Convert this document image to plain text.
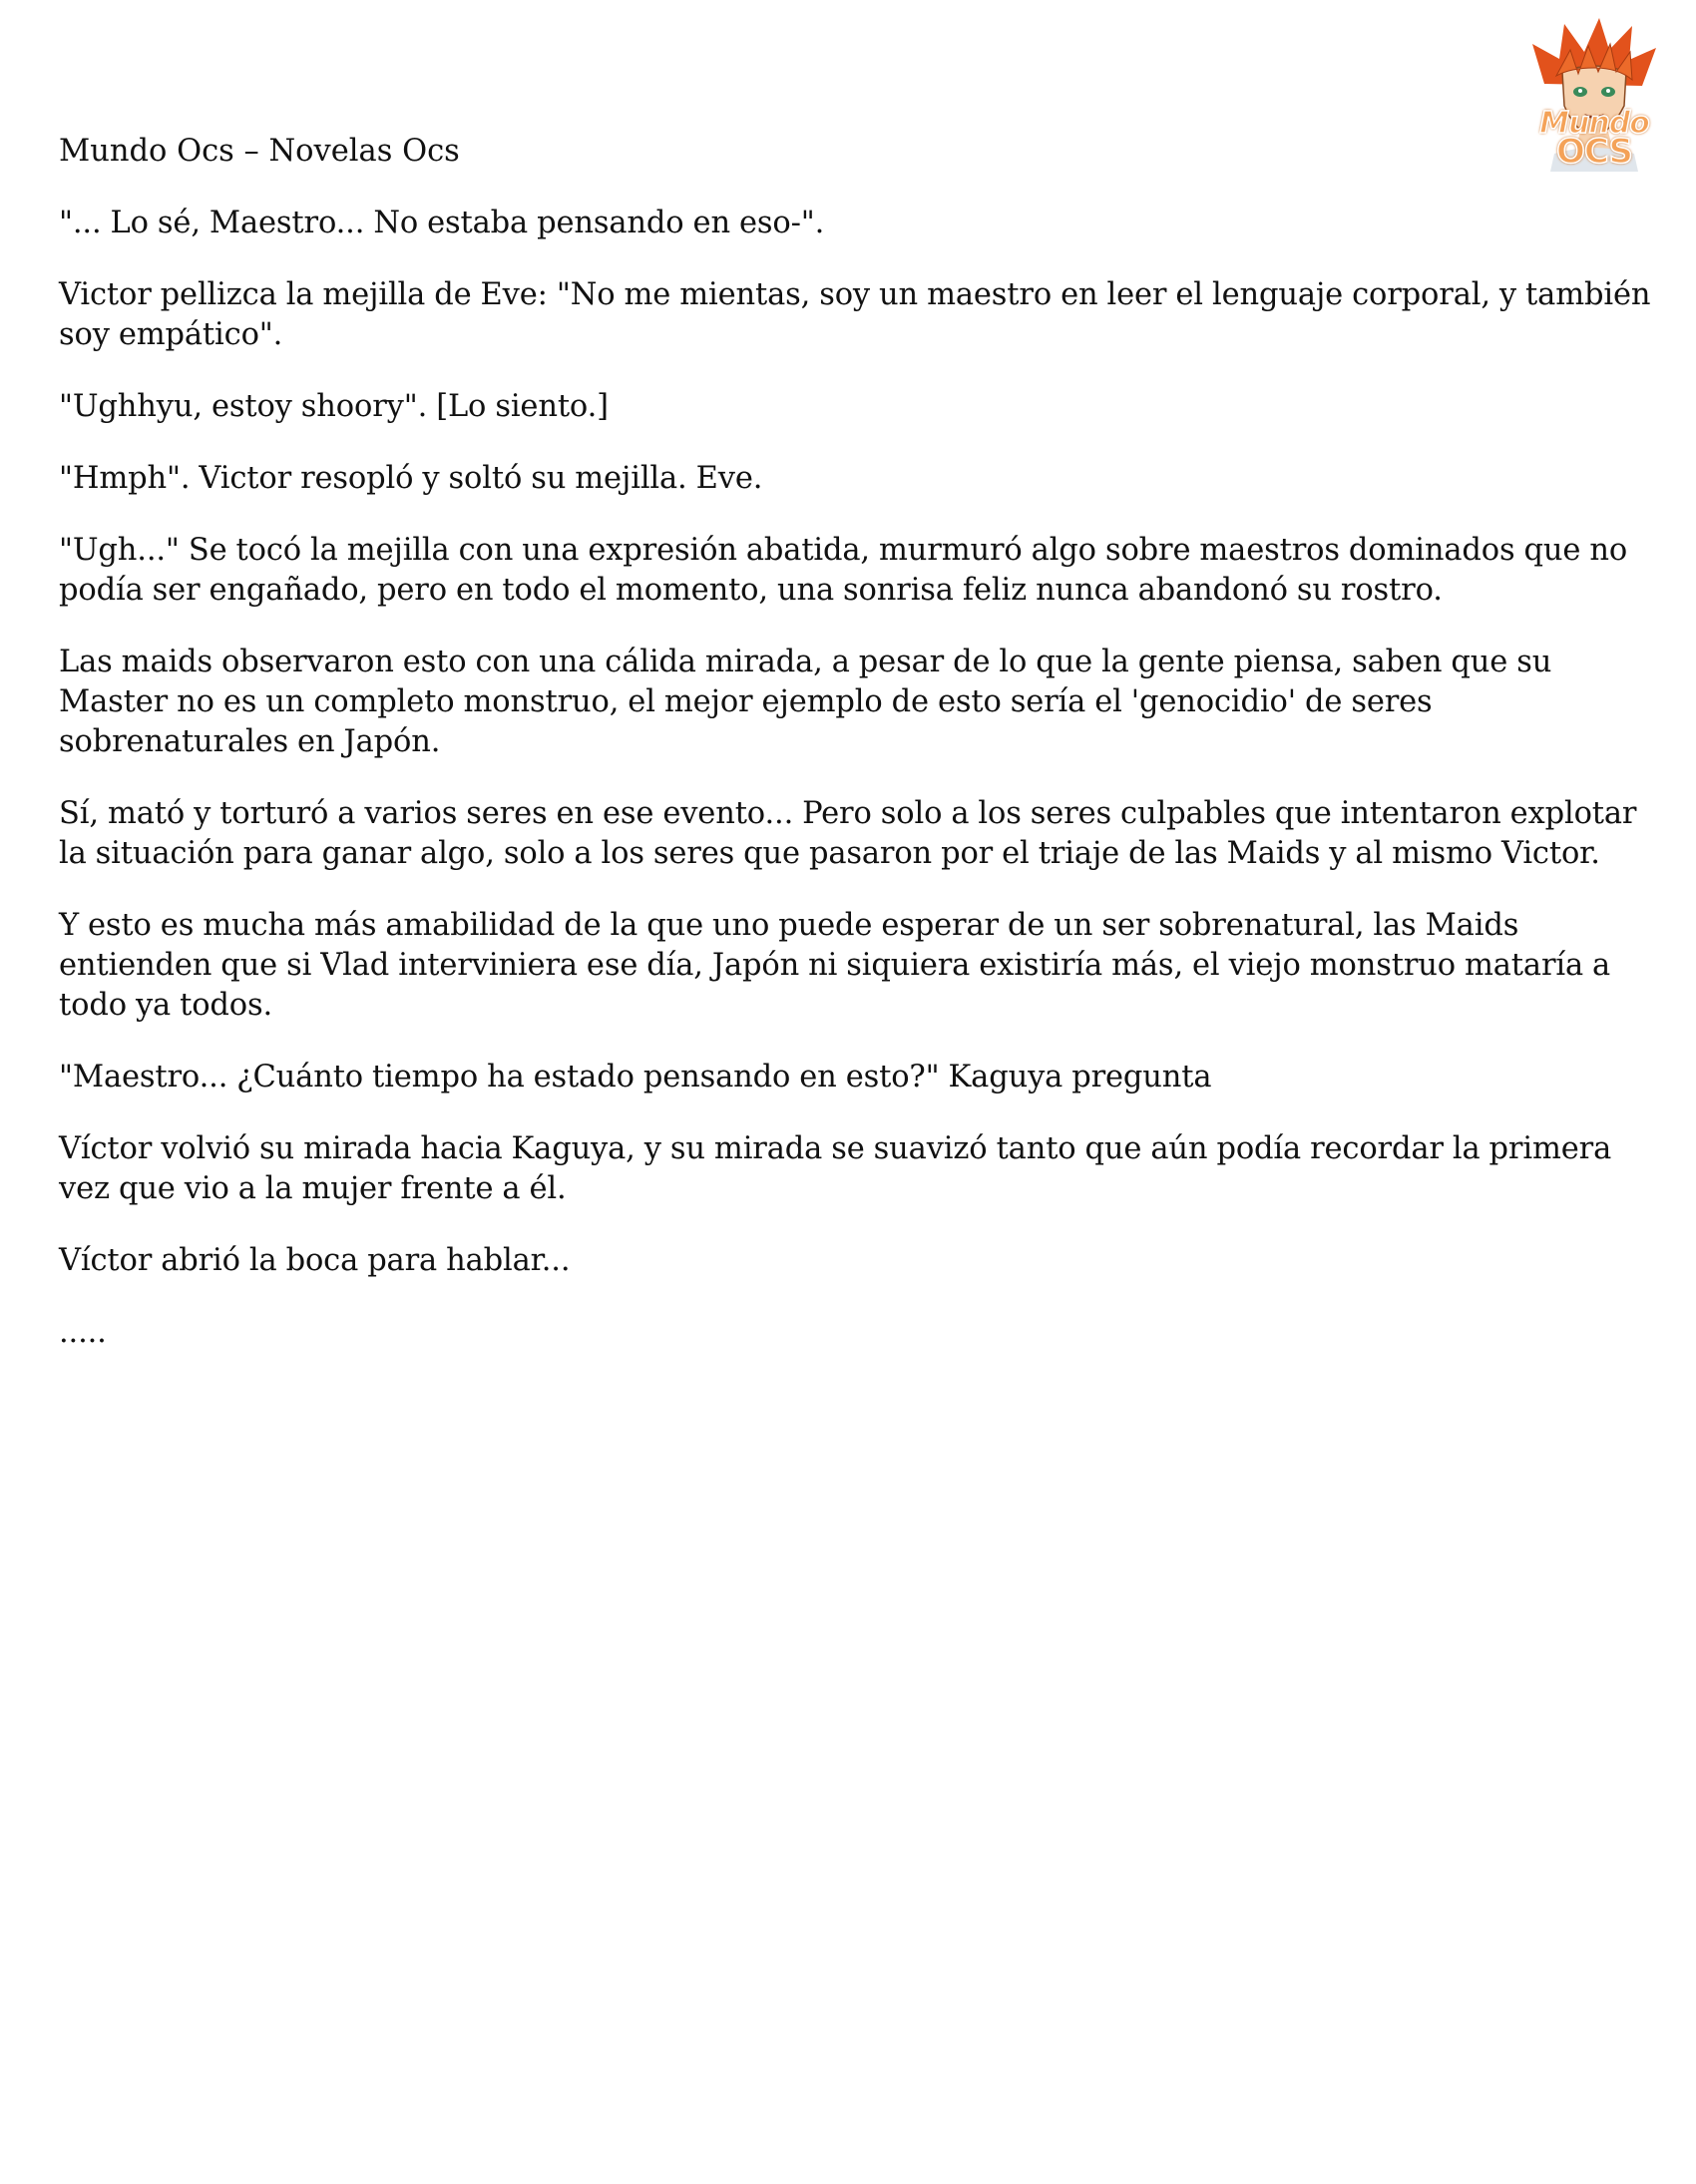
Mundo
OCS
Mundo Ocs – Novelas Ocs

"... Lo sé, Maestro... No estaba pensando en eso-".

Victor pellizca la mejilla de Eve: "No me mientas, soy un maestro en leer el lenguaje corporal, y también soy empático".

"Ughhyu, estoy shoory". [Lo siento.]

"Hmph". Victor resopló y soltó su mejilla. Eve.

"Ugh..." Se tocó la mejilla con una expresión abatida, murmuró algo sobre maestros dominados que no podía ser engañado, pero en todo el momento, una sonrisa feliz nunca abandonó su rostro.

Las maids observaron esto con una cálida mirada, a pesar de lo que la gente piensa, saben que su Master no es un completo monstruo, el mejor ejemplo de esto sería el 'genocidio' de seres sobrenaturales en Japón.

Sí, mató y torturó a varios seres en ese evento... Pero solo a los seres culpables que intentaron explotar la situación para ganar algo, solo a los seres que pasaron por el triaje de las Maids y al mismo Victor.

Y esto es mucha más amabilidad de la que uno puede esperar de un ser sobrenatural, las Maids entienden que si Vlad interviniera ese día, Japón ni siquiera existiría más, el viejo monstruo mataría a todo ya todos.

"Maestro... ¿Cuánto tiempo ha estado pensando en esto?" Kaguya pregunta

Víctor volvió su mirada hacia Kaguya, y su mirada se suavizó tanto que aún podía recordar la primera vez que vio a la mujer frente a él.

Víctor abrió la boca para hablar...

.....
